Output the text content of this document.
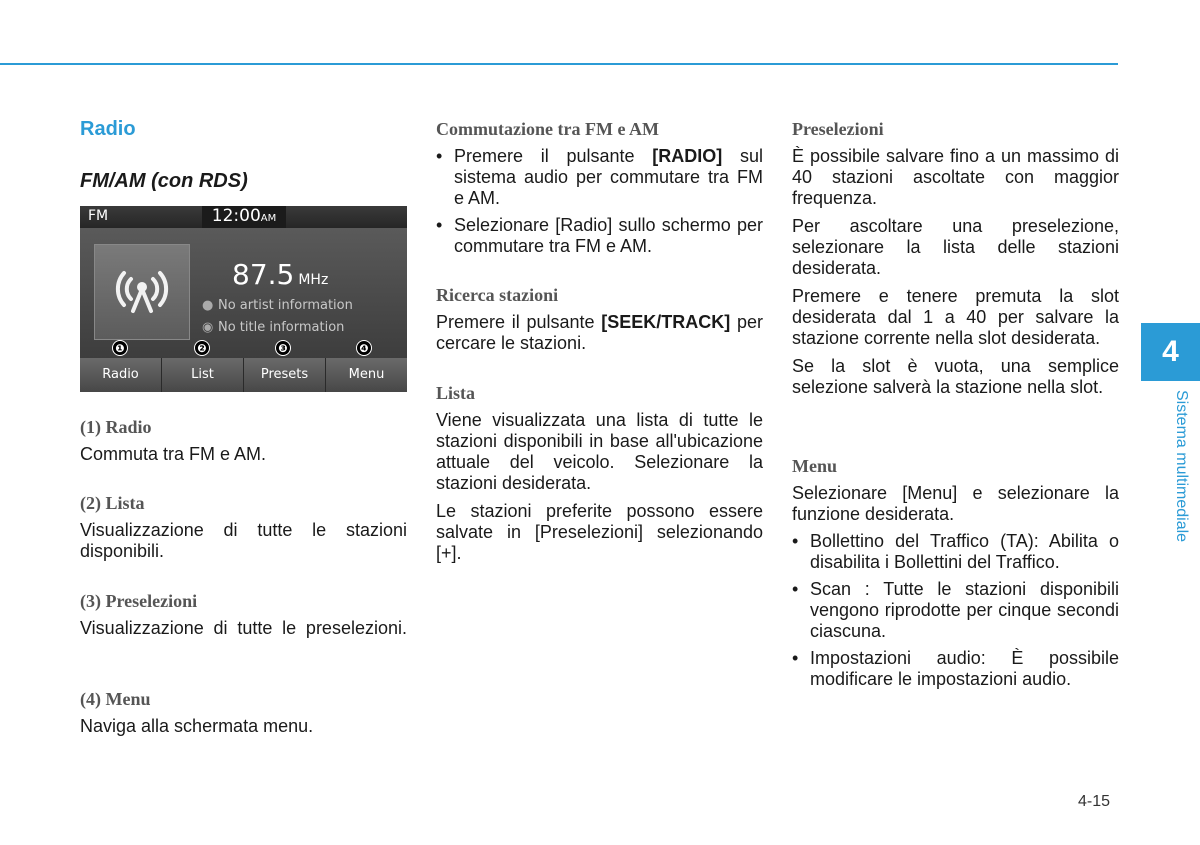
Radio
FM/AM (con RDS)
FM	12:00AM
87.5 MHz
● No artist information
◉ No title information
❶	❷	❸	❹
Radio	List	Presets	Menu

(1) Radio

Commuta tra FM e AM.

(2) Lista

Visualizzazione di tutte le stazioni disponibili.

(3) Preselezioni

Visualizzazione di tutte le preselezioni.

(4) Menu

Naviga alla schermata menu.

Commutazione tra FM e AM

• Premere il pulsante [RADIO] sul sistema audio per commutare tra FM e AM.
• Selezionare [Radio] sullo schermo per commutare tra FM e AM.

Ricerca stazioni

Premere il pulsante [SEEK/TRACK] per cercare le stazioni.

Lista

Viene visualizzata una lista di tutte le stazioni disponibili in base all'ubicazione attuale del veicolo. Selezionare la stazioni desiderata.

Le stazioni preferite possono essere salvate in [Preselezioni] selezionando [+].

Preselezioni

È possibile salvare fino a un massimo di 40 stazioni ascoltate con maggior frequenza.

Per ascoltare una preselezione, selezionare la lista delle stazioni desiderata.

Premere e tenere premuta la slot desiderata dal 1 a 40 per salvare la stazione corrente nella slot desiderata.

Se la slot è vuota, una semplice selezione salverà la stazione nella slot.

Menu

Selezionare [Menu] e selezionare la funzione desiderata.

• Bollettino del Traffico (TA): Abilita o disabilita i Bollettini del Traffico.
• Scan : Tutte le stazioni disponibili vengono riprodotte per cinque secondi ciascuna.
• Impostazioni audio: È possibile modificare le impostazioni audio.
4
Sistema multimediale
4-15
